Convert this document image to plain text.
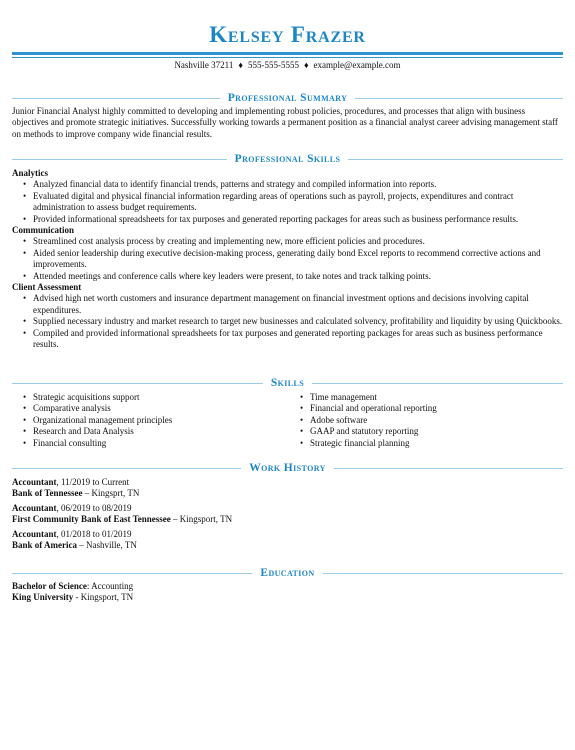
Kelsey Frazer
Nashville 37211 ♦ 555-555-5555 ♦ example@example.com
Professional Summary
Junior Financial Analyst highly committed to developing and implementing robust policies, procedures, and processes that align with business objectives and promote strategic initiatives. Successfully working towards a permanent position as a financial analyst career advising management staff on methods to improve company wide financial results.
Professional Skills
Analytics
• Analyzed financial data to identify financial trends, patterns and strategy and compiled information into reports.
• Evaluated digital and physical financial information regarding areas of operations such as payroll, projects, expenditures and contract administration to assess budget requirements.
• Provided informational spreadsheets for tax purposes and generated reporting packages for areas such as business performance results.
Communication
• Streamlined cost analysis process by creating and implementing new, more efficient policies and procedures.
• Aided senior leadership during executive decision-making process, generating daily bond Excel reports to recommend corrective actions and improvements.
• Attended meetings and conference calls where key leaders were present, to take notes and track talking points.
Client Assessment
• Advised high net worth customers and insurance department management on financial investment options and decisions involving capital expenditures.
• Supplied necessary industry and market research to target new businesses and calculated solvency, profitability and liquidity by using Quickbooks.
• Compiled and provided informational spreadsheets for tax purposes and generated reporting packages for areas such as business performance results.
Skills
• Strategic acquisitions support
• Comparative analysis
• Organizational management principles
• Research and Data Analysis
• Financial consulting
• Time management
• Financial and operational reporting
• Adobe software
• GAAP and statutory reporting
• Strategic financial planning
Work History
Accountant, 11/2019 to Current
Bank of Tennessee – Kingsprt, TN
Accountant, 06/2019 to 08/2019
First Community Bank of East Tennessee – Kingsport, TN
Accountant, 01/2018 to 01/2019
Bank of America – Nashville, TN
Education
Bachelor of Science: Accounting
King University - Kingsport, TN
